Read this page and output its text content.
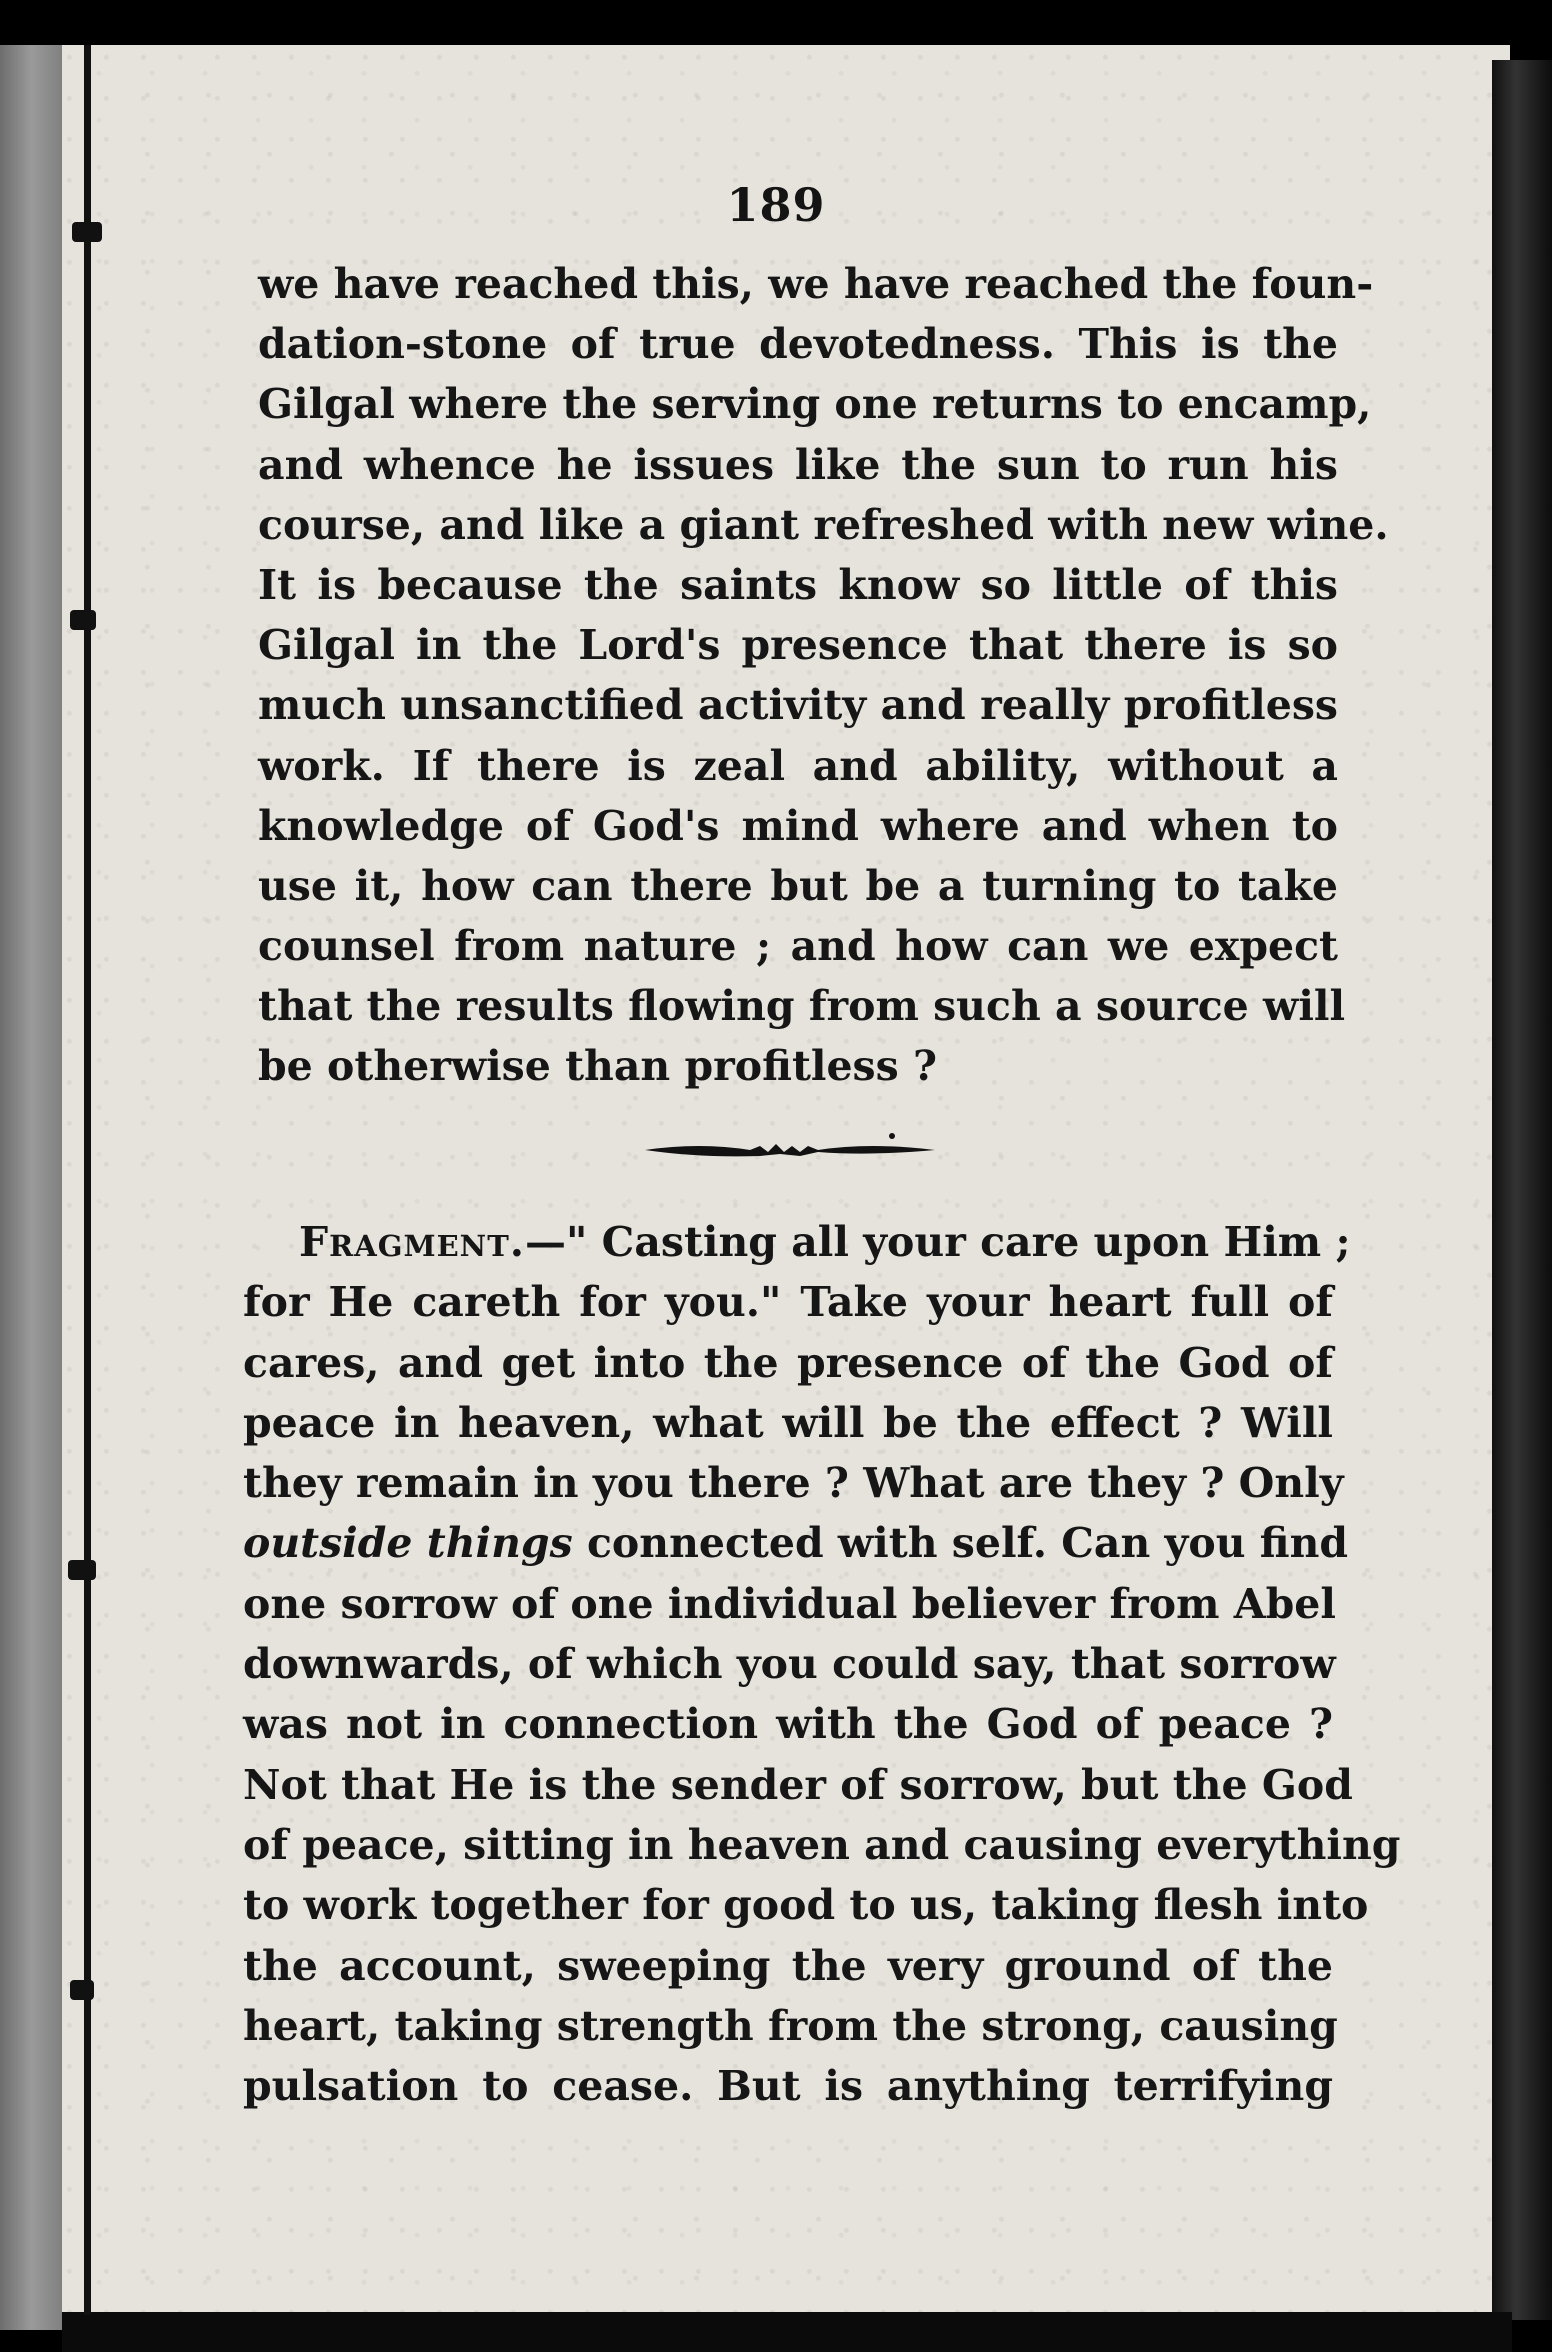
189
we have reached this, we have reached the foun-
dation-stone of true devotedness. This is the
Gilgal where the serving one returns to encamp,
and whence he issues like the sun to run his
course, and like a giant refreshed with new wine.
It is because the saints know so little of this
Gilgal in the Lord's presence that there is so
much unsanctified activity and really profitless
work. If there is zeal and ability, without a
knowledge of God's mind where and when to
use it, how can there but be a turning to take
counsel from nature ; and how can we expect
that the results flowing from such a source will
be otherwise than profitless ?
Fragment.—" Casting all your care upon Him ;
for He careth for you." Take your heart full of
cares, and get into the presence of the God of
peace in heaven, what will be the effect ? Will
they remain in you there ? What are they ? Only
outside things connected with self. Can you find
one sorrow of one individual believer from Abel
downwards, of which you could say, that sorrow
was not in connection with the God of peace ?
Not that He is the sender of sorrow, but the God
of peace, sitting in heaven and causing everything
to work together for good to us, taking flesh into
the account, sweeping the very ground of the
heart, taking strength from the strong, causing
pulsation to cease. But is anything terrifying
